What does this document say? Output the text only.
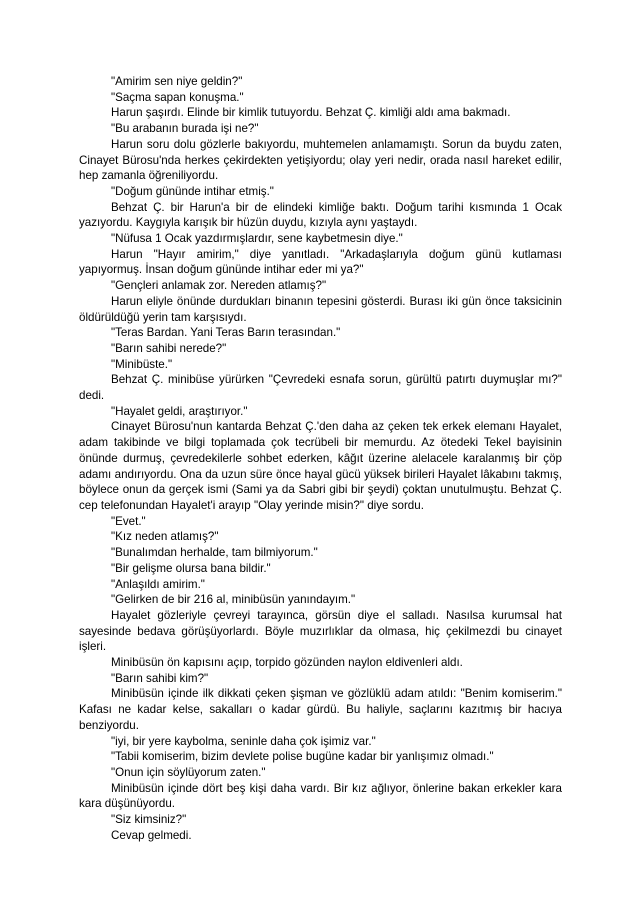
"Amirim sen niye geldin?"

"Saçma sapan konuşma."

Harun şaşırdı. Elinde bir kimlik tutuyordu. Behzat Ç. kimliği aldı ama bakmadı.

"Bu arabanın burada işi ne?"

Harun soru dolu gözlerle bakıyordu, muhtemelen anlamamıştı. Sorun da buydu zaten, Cinayet Bürosu'nda herkes çekirdekten yetişiyordu; olay yeri nedir, orada nasıl hareket edilir, hep zamanla öğreniliyordu.

"Doğum gününde intihar etmiş."

Behzat Ç. bir Harun'a bir de elindeki kimliğe baktı. Doğum tarihi kısmında 1 Ocak yazıyordu. Kaygıyla karışık bir hüzün duydu, kızıyla aynı yaştaydı.

"Nüfusa 1 Ocak yazdırmışlardır, sene kaybetmesin diye."

Harun "Hayır amirim," diye yanıtladı. "Arkadaşlarıyla doğum günü kutlaması yapıyormuş. İnsan doğum gününde intihar eder mi ya?"

"Gençleri anlamak zor. Nereden atlamış?"

Harun eliyle önünde durdukları binanın tepesini gösterdi. Burası iki gün önce taksicinin öldürüldüğü yerin tam karşısıydı.

"Teras Bardan. Yani Teras Barın terasından."

"Barın sahibi nerede?"

"Minibüste."

Behzat Ç. minibüse yürürken "Çevredeki esnafa sorun, gürültü patırtı duymuşlar mı?" dedi.

"Hayalet geldi, araştırıyor."

Cinayet Bürosu'nun kantarda Behzat Ç.'den daha az çeken tek erkek elemanı Hayalet, adam takibinde ve bilgi toplamada çok tecrübeli bir memurdu. Az ötedeki Tekel bayisinin önünde durmuş, çevredekilerle sohbet ederken, kâğıt üzerine alelacele karalanmış bir çöp adamı andırıyordu. Ona da uzun süre önce hayal gücü yüksek birileri Hayalet lâkabını takmış, böylece onun da gerçek ismi (Sami ya da Sabri gibi bir şeydi) çoktan unutulmuştu. Behzat Ç. cep telefonundan Hayalet'i arayıp "Olay yerinde misin?" diye sordu.

"Evet."

"Kız neden atlamış?"

"Bunalımdan herhalde, tam bilmiyorum."

"Bir gelişme olursa bana bildir."

"Anlaşıldı amirim."

"Gelirken de bir 216 al, minibüsün yanındayım."

Hayalet gözleriyle çevreyi tarayınca, görsün diye el salladı. Nasılsa kurumsal hat sayesinde bedava görüşüyorlardı. Böyle muzırlıklar da olmasa, hiç çekilmezdi bu cinayet işleri.

Minibüsün ön kapısını açıp, torpido gözünden naylon eldivenleri aldı.

"Barın sahibi kim?"

Minibüsün içinde ilk dikkati çeken şişman ve gözlüklü adam atıldı: "Benim komiserim." Kafası ne kadar kelse, sakalları o kadar gürdü. Bu haliyle, saçlarını kazıtmış bir hacıya benziyordu.

"iyi, bir yere kaybolma, seninle daha çok işimiz var."

"Tabii komiserim, bizim devlete polise bugüne kadar bir yanlışımız olmadı."

"Onun için söylüyorum zaten."

Minibüsün içinde dört beş kişi daha vardı. Bir kız ağlıyor, önlerine bakan erkekler kara kara düşünüyordu.

"Siz kimsiniz?"

Cevap gelmedi.
